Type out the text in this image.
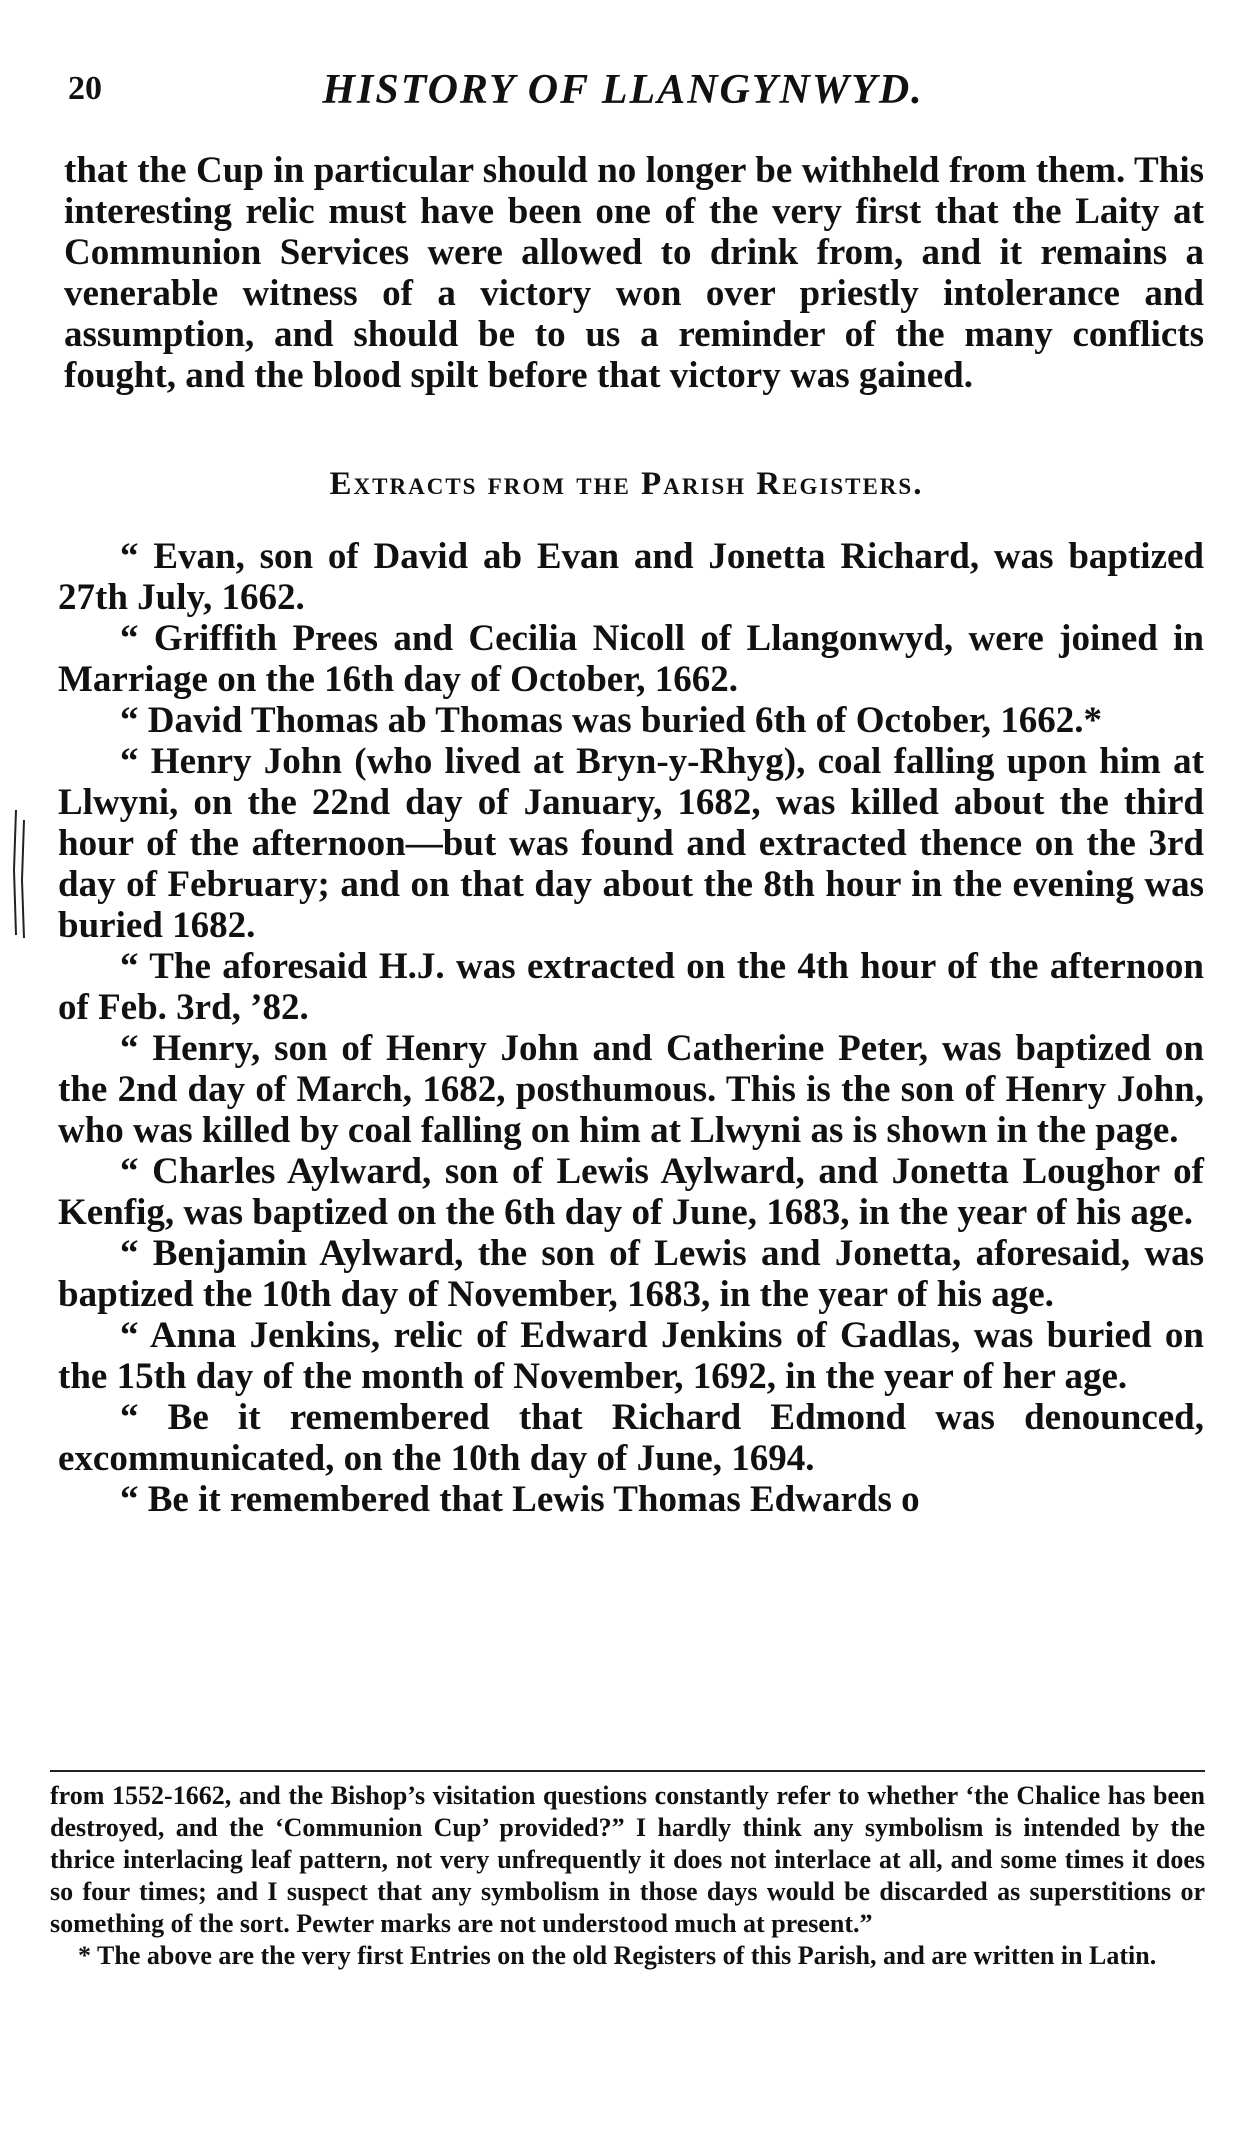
20	HISTORY OF LLANGYNWYD.

that the Cup in particular should no longer be withheld from them. This interesting relic must have been one of the very first that the Laity at Communion Services were allowed to drink from, and it remains a venerable witness of a victory won over priestly intolerance and assumption, and should be to us a reminder of the many conflicts fought, and the blood spilt before that victory was gained.

Extracts from the Parish Registers.

“ Evan, son of David ab Evan and Jonetta Richard, was baptized 27th July, 1662.

“ Griffith Prees and Cecilia Nicoll of Llangonwyd, were joined in Marriage on the 16th day of October, 1662.

“ David Thomas ab Thomas was buried 6th of October, 1662.*

“ Henry John (who lived at Bryn-y-Rhyg), coal falling upon him at Llwyni, on the 22nd day of January, 1682, was killed about the third hour of the afternoon—but was found and extracted thence on the 3rd day of February; and on that day about the 8th hour in the evening was buried 1682.

“ The aforesaid H.J. was extracted on the 4th hour of the afternoon of Feb. 3rd, ’82.

“ Henry, son of Henry John and Catherine Peter, was baptized on the 2nd day of March, 1682, posthumous. This is the son of Henry John, who was killed by coal falling on him at Llwyni as is shown in the page.

“ Charles Aylward, son of Lewis Aylward, and Jonetta Loughor of Kenfig, was baptized on the 6th day of June, 1683, in the year of his age.

“ Benjamin Aylward, the son of Lewis and Jonetta, aforesaid, was baptized the 10th day of November, 1683, in the year of his age.

“ Anna Jenkins, relic of Edward Jenkins of Gadlas, was buried on the 15th day of the month of November, 1692, in the year of her age.

“ Be it remembered that Richard Edmond was denounced, excommunicated, on the 10th day of June, 1694.

“ Be it remembered that Lewis Thomas Edwards o

from 1552-1662, and the Bishop’s visitation questions constantly refer to whether ‘the Chalice has been destroyed, and the ‘Communion Cup’ provided?” I hardly think any symbolism is intended by the thrice interlacing leaf pattern, not very unfrequently it does not interlace at all, and some times it does so four times; and I suspect that any symbolism in those days would be discarded as superstitions or something of the sort. Pewter marks are not understood much at present.”

* The above are the very first Entries on the old Registers of this Parish, and are written in Latin.
